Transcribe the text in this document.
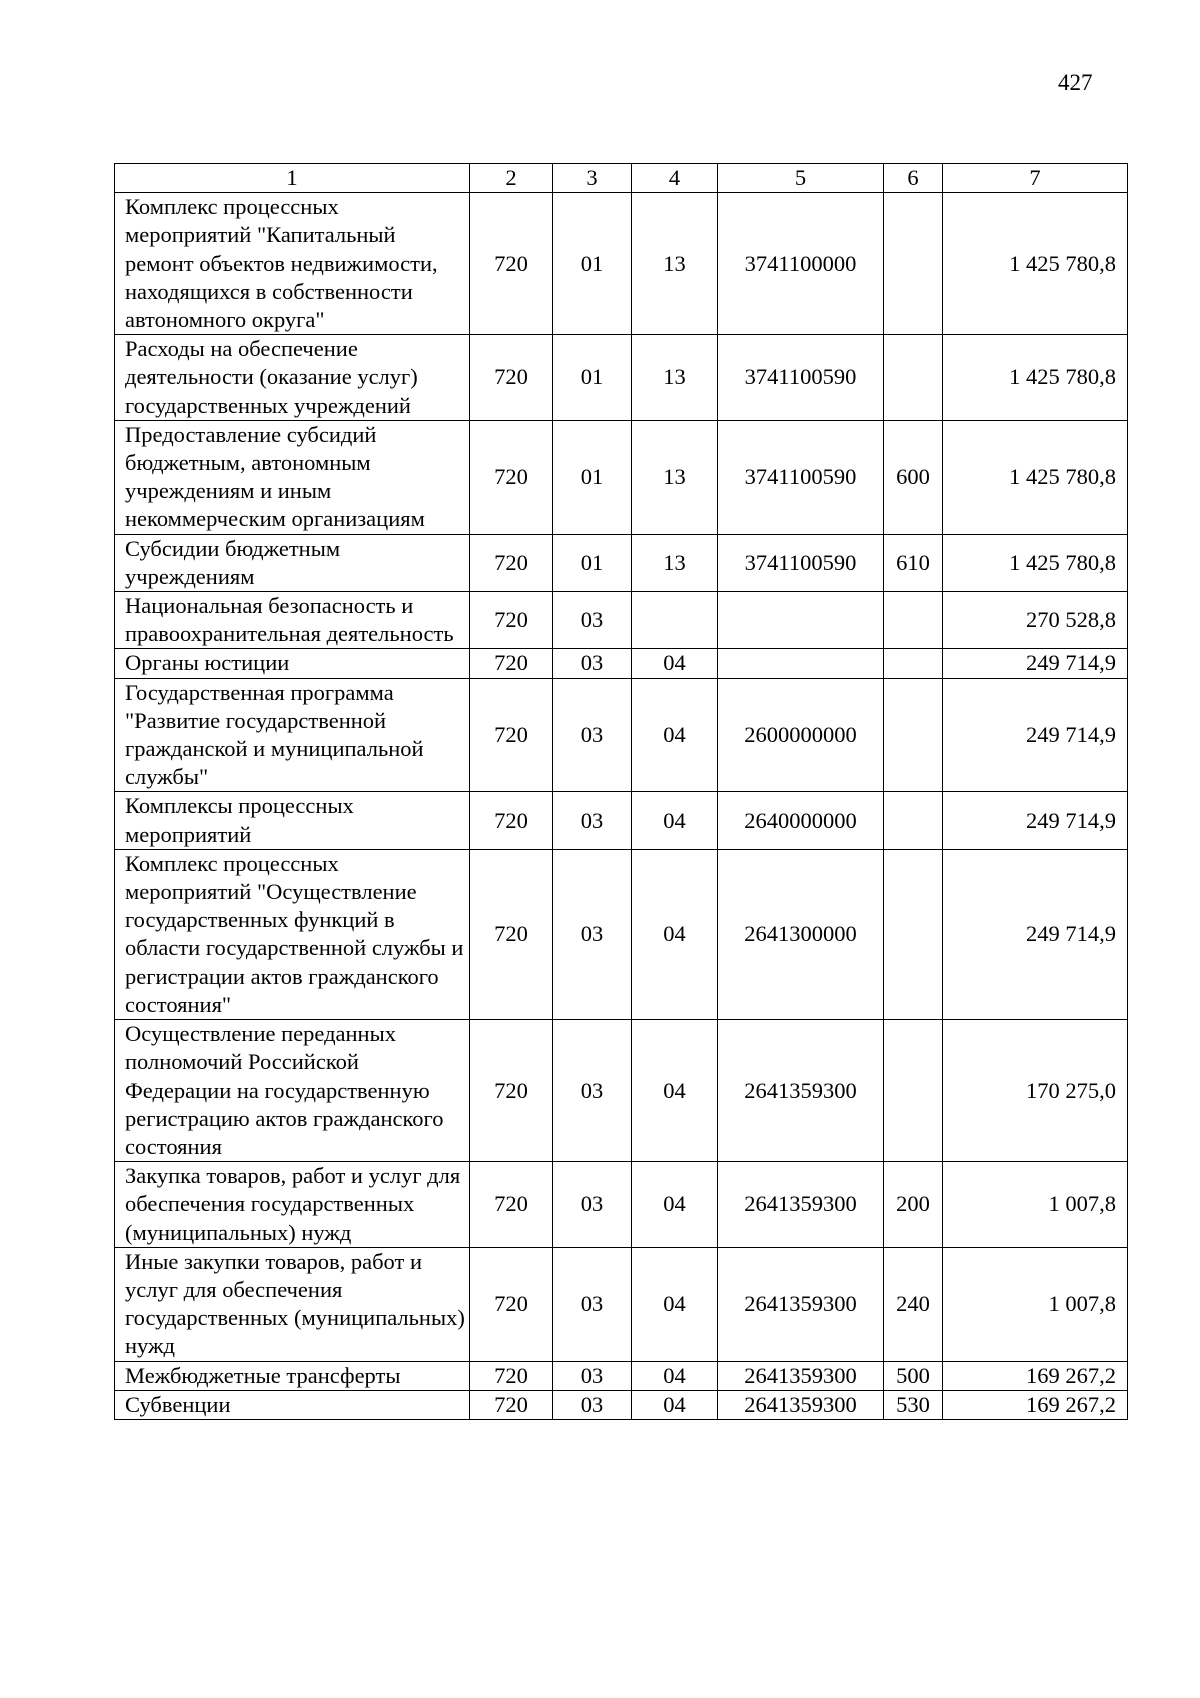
427
1	2	3	4	5	6	7
Комплекс процессных мероприятий "Капитальный ремонт объектов недвижимости, находящихся в собственности автономного округа"	720	01	13	3741100000		1 425 780,8
Расходы на обеспечение деятельности (оказание услуг) государственных учреждений	720	01	13	3741100590		1 425 780,8
Предоставление субсидий бюджетным, автономным учреждениям и иным некоммерческим организациям	720	01	13	3741100590	600	1 425 780,8
Субсидии бюджетным учреждениям	720	01	13	3741100590	610	1 425 780,8
Национальная безопасность и правоохранительная деятельность	720	03				270 528,8
Органы юстиции	720	03	04			249 714,9
Государственная программа "Развитие государственной гражданской и муниципальной службы"	720	03	04	2600000000		249 714,9
Комплексы процессных мероприятий	720	03	04	2640000000		249 714,9
Комплекс процессных мероприятий "Осуществление государственных функций в области государственной службы и регистрации актов гражданского состояния"	720	03	04	2641300000		249 714,9
Осуществление переданных полномочий Российской Федерации на государственную регистрацию актов гражданского состояния	720	03	04	2641359300		170 275,0
Закупка товаров, работ и услуг для обеспечения государственных (муниципальных) нужд	720	03	04	2641359300	200	1 007,8
Иные закупки товаров, работ и услуг для обеспечения государственных (муниципальных) нужд	720	03	04	2641359300	240	1 007,8
Межбюджетные трансферты	720	03	04	2641359300	500	169 267,2
Субвенции	720	03	04	2641359300	530	169 267,2
